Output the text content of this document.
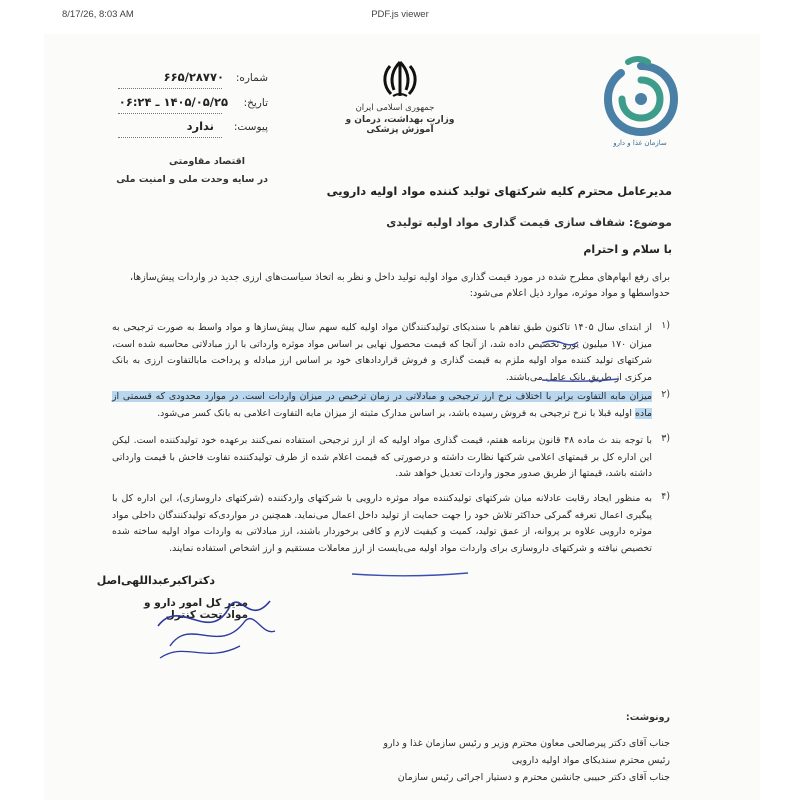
8/17/26, 8:03 AM	PDF.js viewer
شماره:
۶۶۵/۲۸۷۷۰
تاریخ:
۱۴۰۵/۰۵/۲۵ ـ ۰۶:۲۴
پیوست:
ندارد
اقتصاد مقاومتی
در سایه وحدت ملی و امنیت ملی
جمهوری اسلامی ایران
وزارت بهداشت، درمان و آموزش پزشکی
سازمان غذا و دارو
مدیرعامل محترم کلیه شرکتهای تولید کننده مواد اولیه دارویی
موضوع: شفاف سازی قیمت گذاری مواد اولیه تولیدی
با سلام و احترام
برای رفع ابهام‌های مطرح شده در مورد قیمت گذاری مواد اولیه تولید داخل و نظر به اتخاذ سیاست‌های ارزی جدید در واردات پیش‌سازها، حدواسطها و مواد موثره، موارد ذیل اعلام می‌شود:
(۱
از ابتدای سال ۱۴۰۵ تاکنون طبق تفاهم با سندیکای تولیدکنندگان مواد اولیه کلیه سهم سال پیش‌سازها و مواد واسط به صورت ترجیحی به میزان ۱۷۰ میلیون یورو تخصیص داده شد، از آنجا که قیمت محصول نهایی بر اساس مواد موثره وارداتی با ارز مبادلاتی محاسبه شده است، شرکتهای تولید کننده مواد اولیه ملزم به قیمت گذاری و فروش قراردادهای خود بر اساس ارز مبادله و پرداخت مابالتفاوت ارزی به بانک مرکزی از طریق بانک عامل می‌باشند.
(۲
میزان مابه التفاوت برابر با اختلاف نرخ ارز ترجیحی و مبادلاتی در زمان ترخیص در میزان واردات است. در موارد محدودی که قسمتی از ماده اولیه قبلا با نرخ ترجیحی به فروش رسیده باشد، بر اساس مدارک مثبته از میزان مابه التفاوت اعلامی به بانک کسر می‌شود.
(۳
با توجه بند ث ماده ۴۸ قانون برنامه هفتم، قیمت گذاری مواد اولیه که از ارز ترجیحی استفاده نمی‌کنند برعهده خود تولیدکننده است. لیکن این اداره کل بر قیمتهای اعلامی شرکتها نظارت داشته و درصورتی که قیمت اعلام شده از طرف تولیدکننده تفاوت فاحش با قیمت وارداتی داشته باشد، قیمتها از طریق صدور مجوز واردات تعدیل خواهد شد.
(۴
به منظور ایجاد رقابت عادلانه میان شرکتهای تولیدکننده مواد موثره دارویی با شرکتهای واردکننده (شرکتهای داروسازی)، این اداره کل با پیگیری اعمال تعرفه گمرکی حداکثر تلاش خود را جهت حمایت از تولید داخل اعمال می‌نماید. همچنین در مواردی‌که تولیدکنندگان داخلی مواد موثره دارویی علاوه بر پروانه، از عمق تولید، کمیت و کیفیت لازم و کافی برخوردار باشند، ارز مبادلاتی به واردات مواد اولیه ساخته شده تخصیص نیافته و شرکتهای داروسازی برای واردات مواد اولیه می‌بایست از ارز معاملات مستقیم و ارز اشخاص استفاده نمایند.
دکتراکبرعبداللهی‌اصل
مدیر کل امور دارو و مواد تحت کنترل
رونوشت:
جناب آقای دکتر پیرصالحی معاون محترم وزیر و رئیس سازمان غذا و دارو
رئیس محترم سندیکای مواد اولیه دارویی
جناب آقای دکتر حبیبی جانشین محترم و دستیار اجرائی رئیس سازمان
